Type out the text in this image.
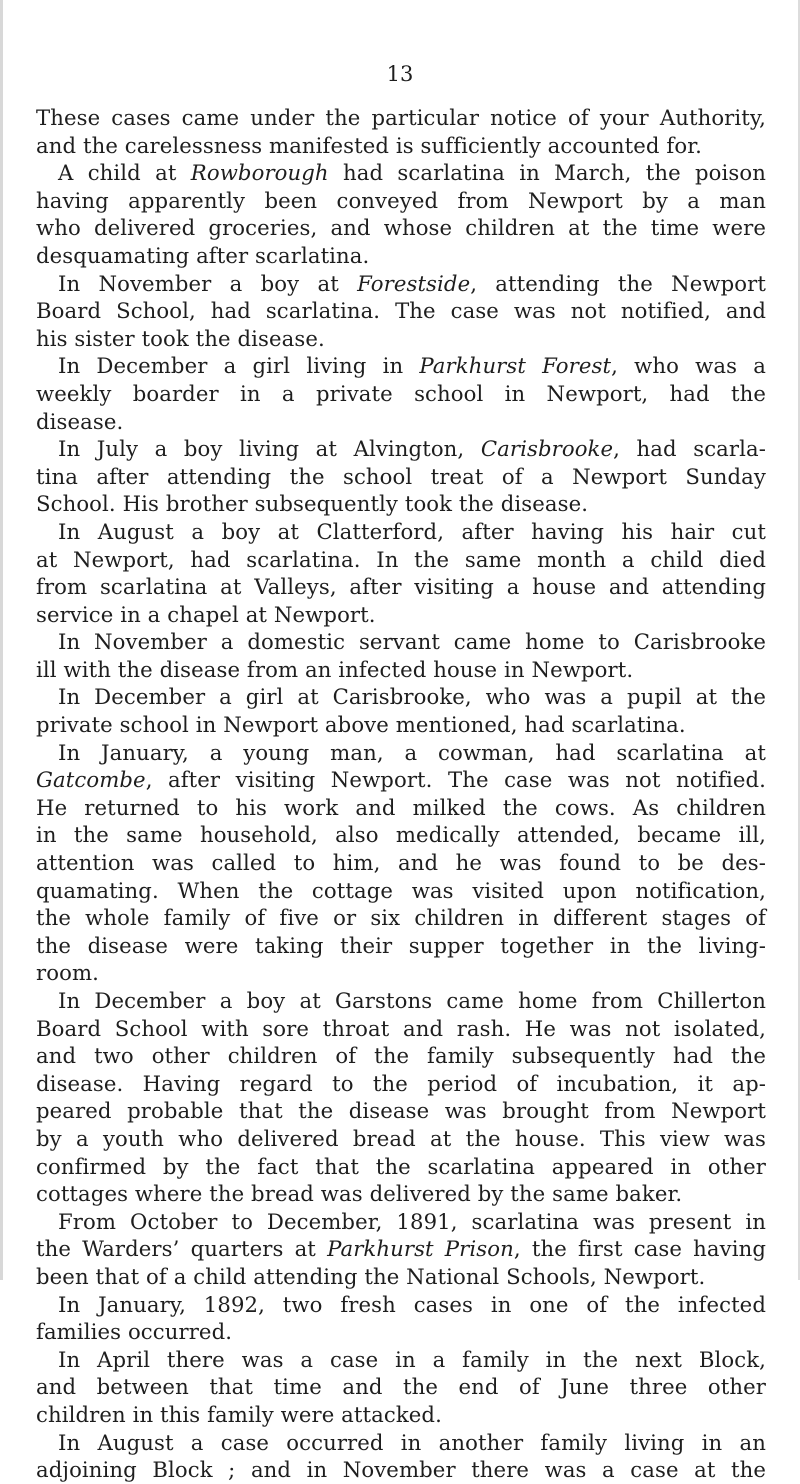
13
These cases came under the particular notice of your Authority,
and the carelessness manifested is sufficiently accounted for.
A child at Rowborough had scarlatina in March, the poison
having apparently been conveyed from Newport by a man
who delivered groceries, and whose children at the time were
desquamating after scarlatina.
In November a boy at Forestside, attending the Newport
Board School, had scarlatina. The case was not notified, and
his sister took the disease.
In December a girl living in Parkhurst Forest, who was a
weekly boarder in a private school in Newport, had the
disease.
In July a boy living at Alvington, Carisbrooke, had scarla-
tina after attending the school treat of a Newport Sunday
School. His brother subsequently took the disease.
In August a boy at Clatterford, after having his hair cut
at Newport, had scarlatina. In the same month a child died
from scarlatina at Valleys, after visiting a house and attending
service in a chapel at Newport.
In November a domestic servant came home to Carisbrooke
ill with the disease from an infected house in Newport.
In December a girl at Carisbrooke, who was a pupil at the
private school in Newport above mentioned, had scarlatina.
In January, a young man, a cowman, had scarlatina at
Gatcombe, after visiting Newport. The case was not notified.
He returned to his work and milked the cows. As children
in the same household, also medically attended, became ill,
attention was called to him, and he was found to be des-
quamating. When the cottage was visited upon notification,
the whole family of five or six children in different stages of
the disease were taking their supper together in the living-
room.
In December a boy at Garstons came home from Chillerton
Board School with sore throat and rash. He was not isolated,
and two other children of the family subsequently had the
disease. Having regard to the period of incubation, it ap-
peared probable that the disease was brought from Newport
by a youth who delivered bread at the house. This view was
confirmed by the fact that the scarlatina appeared in other
cottages where the bread was delivered by the same baker.
From October to December, 1891, scarlatina was present in
the Warders’ quarters at Parkhurst Prison, the first case having
been that of a child attending the National Schools, Newport.
In January, 1892, two fresh cases in one of the infected
families occurred.
In April there was a case in a family in the next Block,
and between that time and the end of June three other
children in this family were attacked.
In August a case occurred in another family living in an
adjoining Block ; and in November there was a case at the
